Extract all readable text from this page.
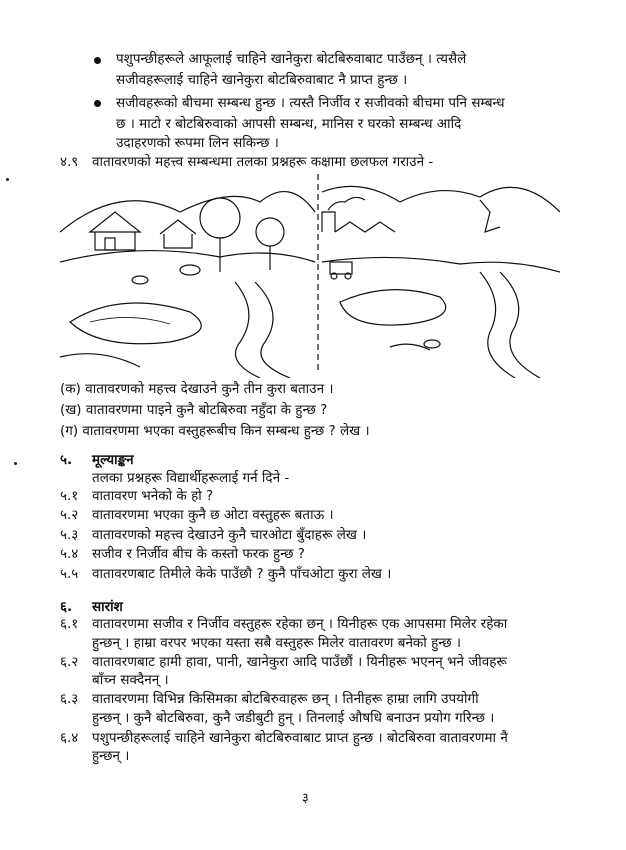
पशुपन्छीहरूले आफूलाई चाहिने खानेकुरा बोटबिरुवाबाट पाउँछन् । त्यसैले
सजीवहरूलाई चाहिने खानेकुरा बोटबिरुवाबाट नै प्राप्त हुन्छ ।
सजीवहरूको बीचमा सम्बन्ध हुन्छ । त्यस्तै निर्जीव र सजीवको बीचमा पनि सम्बन्ध
छ । माटो र बोटबिरुवाको आपसी सम्बन्ध, मानिस र घरको सम्बन्ध आदि
उदाहरणको रूपमा लिन सकिन्छ ।
४.९ वातावरणको महत्त्व सम्बन्धमा तलका प्रश्नहरू कक्षामा छलफल गराउने -
(क) वातावरणको महत्त्व देखाउने कुनै तीन कुरा बताउन ।
(ख) वातावरणमा पाइने कुनै बोटबिरुवा नहुँदा के हुन्छ ?
(ग) वातावरणमा भएका वस्तुहरूबीच किन सम्बन्ध हुन्छ ? लेख ।
५. मूल्याङ्कन
तलका प्रश्नहरू विद्यार्थीहरूलाई गर्न दिने -
५.१ वातावरण भनेको के हो ?
५.२ वातावरणमा भएका कुनै छ ओटा वस्तुहरू बताऊ ।
५.३ वातावरणको महत्त्व देखाउने कुनै चारओटा बुँदाहरू लेख ।
५.४ सजीव र निर्जीव बीच के कस्तो फरक हुन्छ ?
५.५ वातावरणबाट तिमीले केके पाउँछौ ? कुनै पाँचओटा कुरा लेख ।
६. सारांश
६.१ वातावरणमा सजीव र निर्जीव वस्तुहरू रहेका छन् । यिनीहरू एक आपसमा मिलेर रहेका
हुन्छन् । हाम्रा वरपर भएका यस्ता सबै वस्तुहरू मिलेर वातावरण बनेको हुन्छ ।
६.२ वातावरणबाट हामी हावा, पानी, खानेकुरा आदि पाउँछौं । यिनीहरू भएनन् भने जीवहरू
बाँच्न सक्दैनन् ।
६.३ वातावरणमा विभिन्न किसिमका बोटबिरुवाहरू छन् । तिनीहरू हाम्रा लागि उपयोगी
हुन्छन् । कुनै बोटबिरुवा, कुनै जडीबुटी हुन् । तिनलाई औषधि बनाउन प्रयोग गरिन्छ ।
६.४ पशुपन्छीहरूलाई चाहिने खानेकुरा बोटबिरुवाबाट प्राप्त हुन्छ । बोटबिरुवा वातावरणमा नै
हुन्छन् ।
३
